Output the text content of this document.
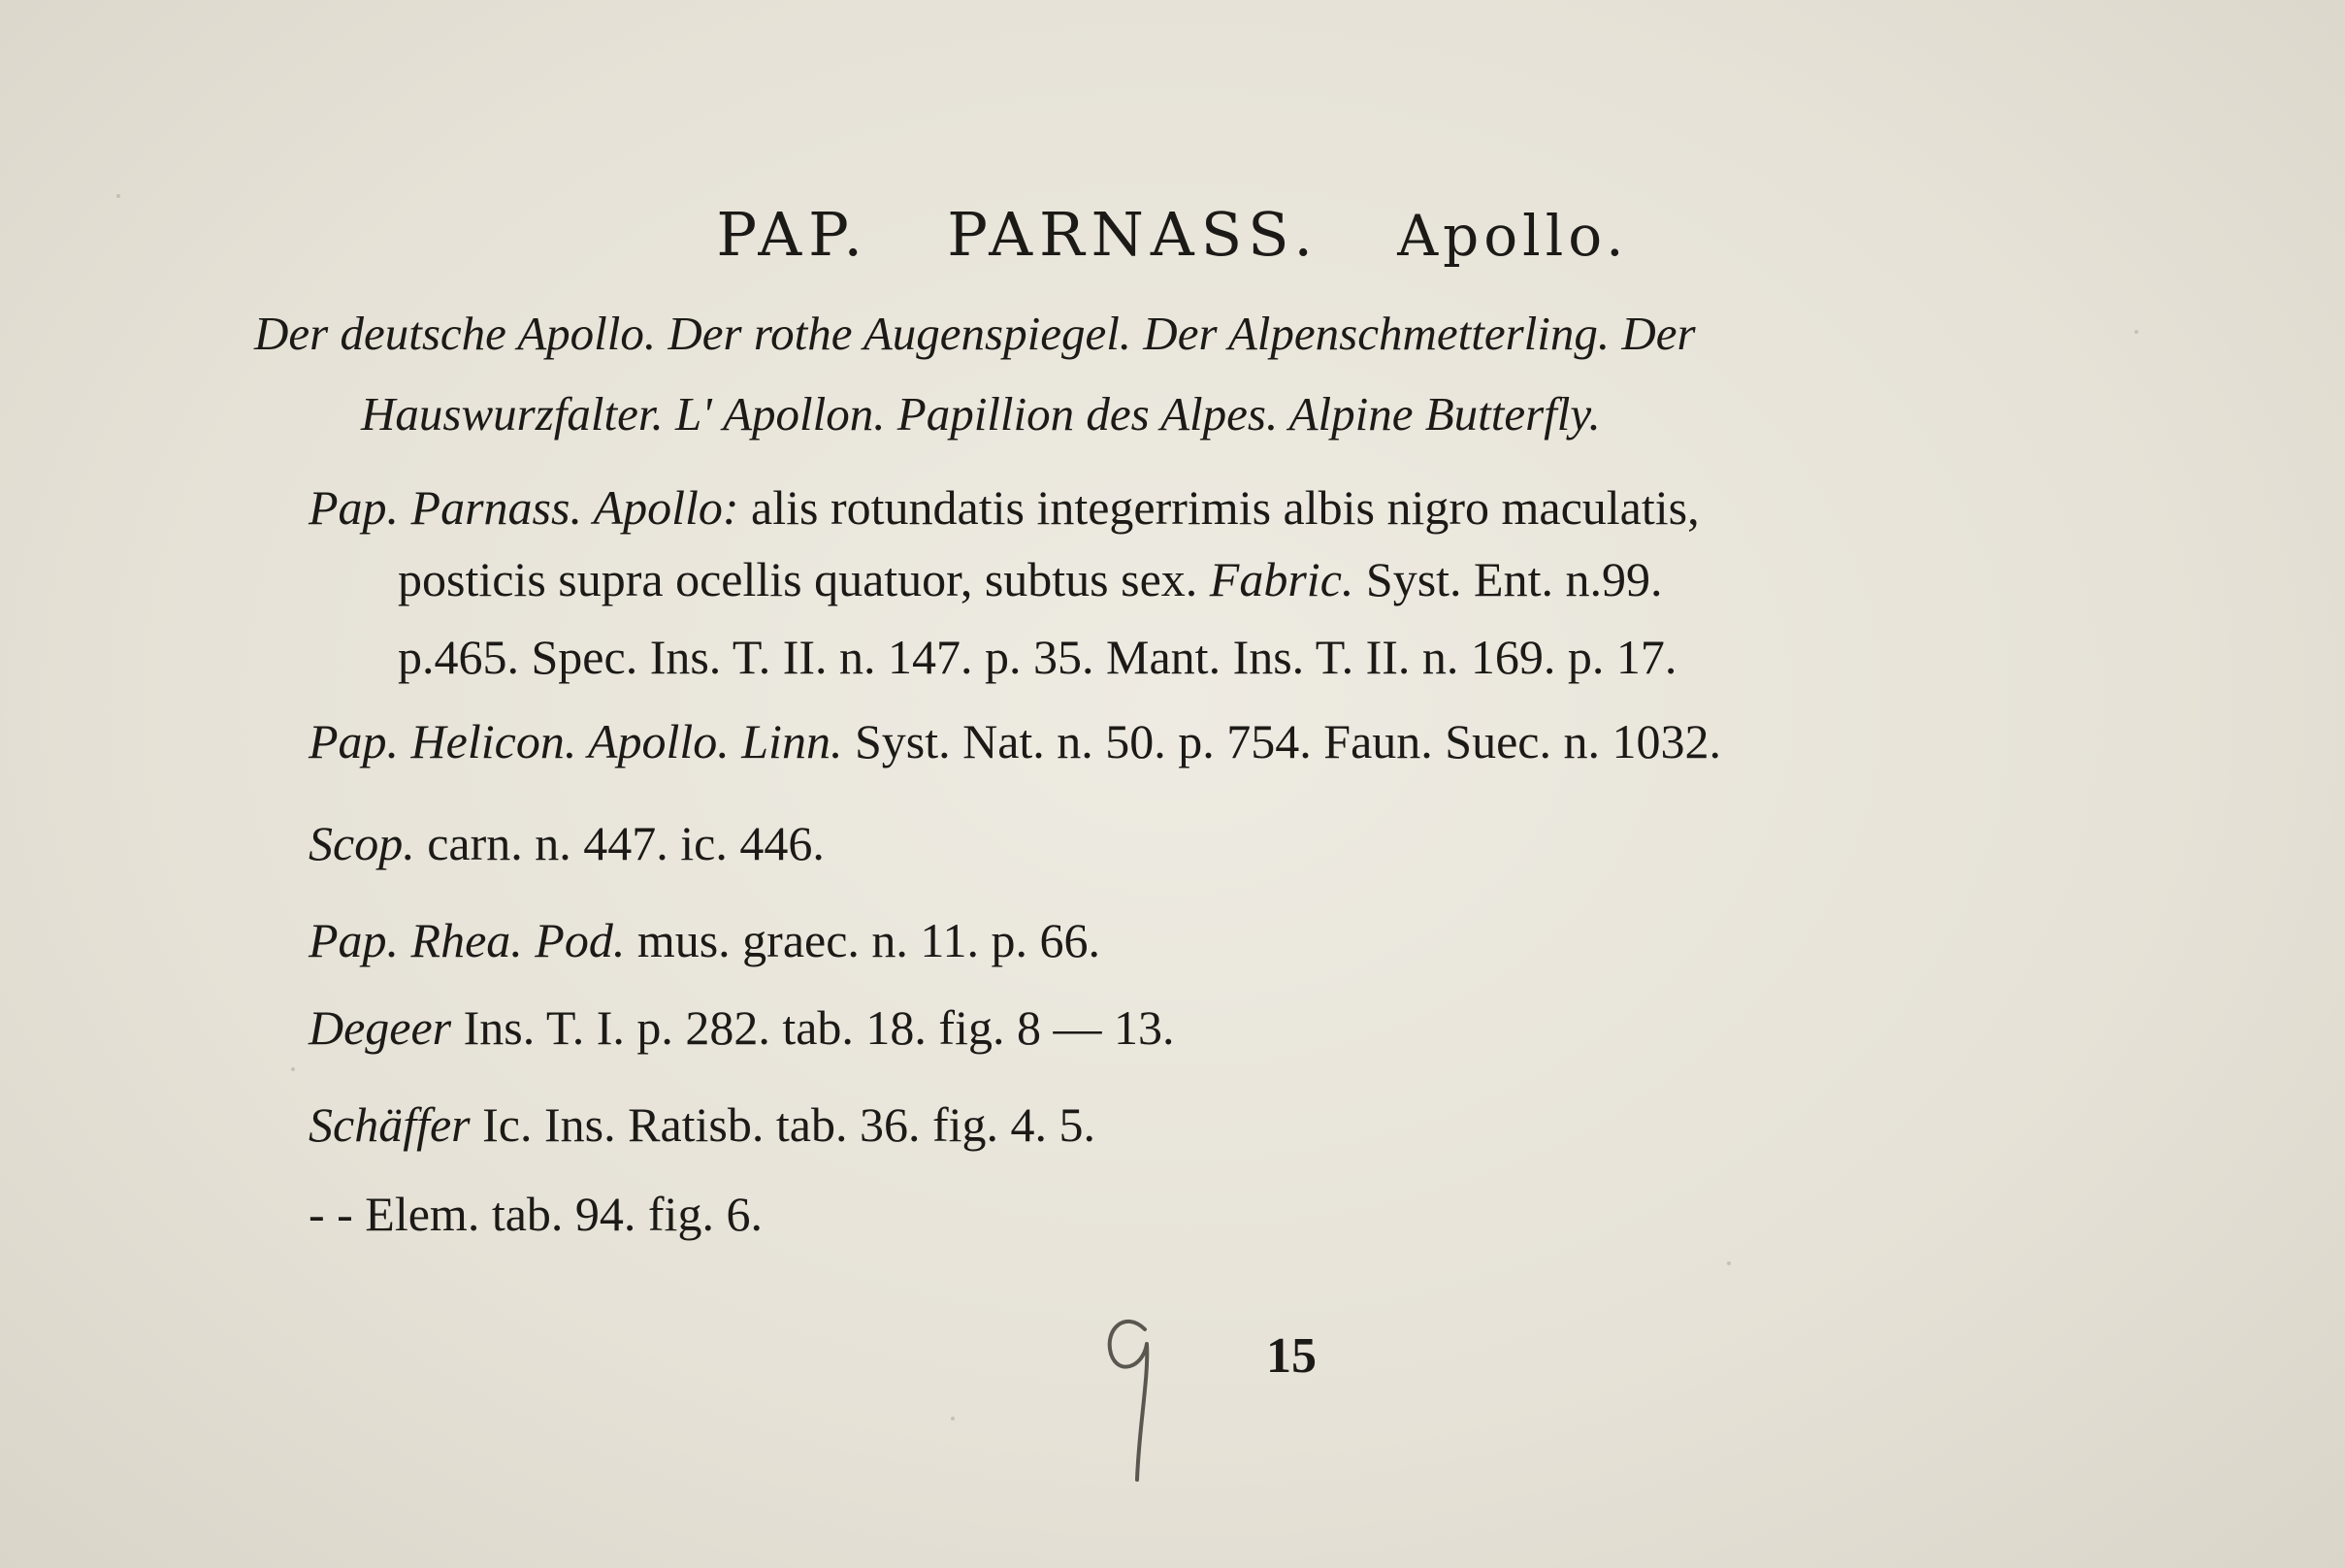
PAP. PARNASS. Apollo.
Der deutsche Apollo. Der rothe Augenspiegel. Der Alpenschmetterling. Der
Hauswurzfalter. L' Apollon. Papillion des Alpes. Alpine Butterfly.
Pap. Parnass. Apollo: alis rotundatis integerrimis albis nigro maculatis,
posticis supra ocellis quatuor, subtus sex. Fabric. Syst. Ent. n.99.
p.465. Spec. Ins. T. II. n. 147. p. 35. Mant. Ins. T. II. n. 169. p. 17.
Pap. Helicon. Apollo. Linn. Syst. Nat. n. 50. p. 754. Faun. Suec. n. 1032.
Scop. carn. n. 447. ic. 446.
Pap. Rhea. Pod. mus. graec. n. 11. p. 66.
Degeer Ins. T. I. p. 282. tab. 18. fig. 8 — 13.
Schäffer Ic. Ins. Ratisb. tab. 36. fig. 4. 5.
- - Elem. tab. 94. fig. 6.
15
